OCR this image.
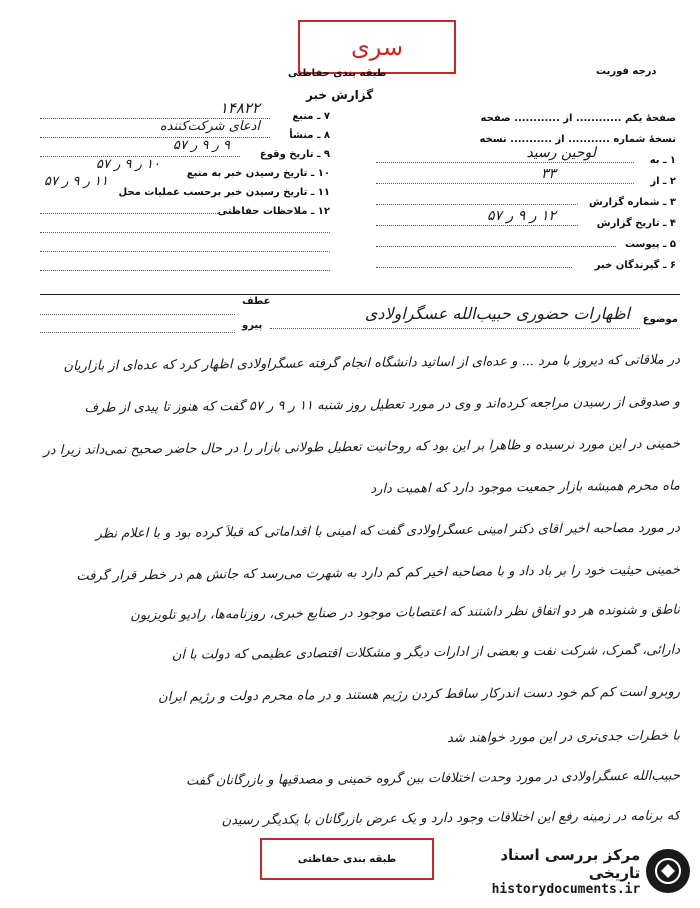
سری
طبقه بندی حفاظتی
گزارش خبر
درجه فوریت
صفحهٔ یکم ............ از ............ صفحه
نسخهٔ شماره ........... از ........... نسخه
۱ ـ به
لوحین رسید
۲ ـ از
۳۳
۳ ـ شماره گزارش
۴ ـ تاریخ گزارش
۱۲ ر ۹ ر ۵۷
۵ ـ پیوست
۶ ـ گیرندگان خبر
۷ ـ منبع
۱۴۸۲۲
۸ ـ منشأ
ادعای شرکت‌کننده
۹ ـ تاریخ وقوع
۹ ر ۹ ر ۵۷
۱۰ ـ تاریخ رسیدن خبر به منبع
۱۰ ر ۹ ر ۵۷
۱۱ ـ تاریخ رسیدن خبر برحسب عملیات محل
۱۱ ر ۹ ر ۵۷
۱۲ ـ ملاحظات حفاظتی
موضوع
اظهارات حضوری حبیب‌الله عسگراولادی
عطف
پیرو
در ملاقاتی که دیروز با مرد ... و عده‌ای از اساتید دانشگاه انجام گرفته عسگراولادی اظهار کرد که عده‌ای از بازاریان
و صدوقی از رسیدن مراجعه کرده‌اند و وی در مورد تعطیل روز شنبه ۱۱ ر ۹ ر ۵۷ گفت که هنوز تا پیدی از طرف
خمینی در این مورد نرسیده و ظاهراً بر این بود که روحانیت تعطیل طولانی بازار را در حال حاضر صحیح نمی‌داند زیرا در
ماه محرم همیشه بازار جمعیت موجود دارد که اهمیت دارد
در مورد مصاحبه اخیر آقای دکتر امینی عسگراولادی گفت که امینی با اقداماتی که قبلاً کرده بود و با اعلام نظر
خمینی حیثیت خود را بر باد داد و با مصاحبه اخیر کم کم دارد به شهرت می‌رسد که جانش هم در خطر قرار گرفت
ناطق و شنونده هر دو اتفاق نظر داشتند که اعتصابات موجود در صنایع خبری، روزنامه‌ها، رادیو تلویزیون
دارائی، گمرک، شرکت نفت و بعضی از ادارات دیگر و مشکلات اقتصادی عظیمی که دولت با آن
روبرو است کم کم خود دست اندرکار ساقط کردن رژیم هستند و در ماه محرم دولت و رژیم ایران
با خطرات جدی‌تری در این مورد خواهند شد
حبیب‌الله عسگراولادی در مورد وحدت اختلافات بین گروه خمینی و مصدقیها و بازرگانان گفت
که برنامه در زمینه رفع این اختلافات وجود دارد و یک عرض بازرگانان با یکدیگر رسیدن
طبقه بندی حفاظتی	مرکز بررسی اسناد تاریخی
historydocuments.ir
